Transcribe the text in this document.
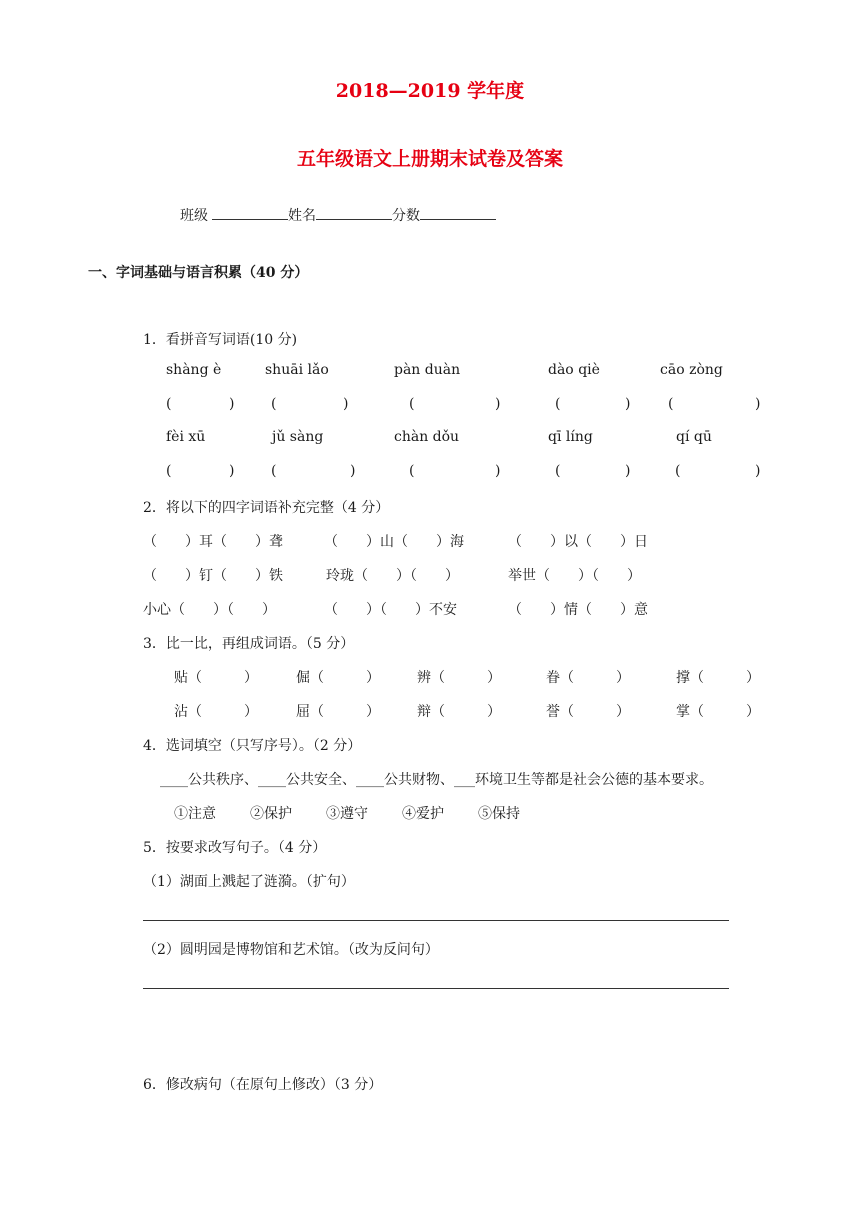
2018—2019 学年度
五年级语文上册期末试卷及答案
班级	姓名	分数
一、字词基础与语言积累（40 分）
1．看拼音写词语(10 分)
shàng è	shuāi lǎo	pàn duàn	dào qiè	cāo zòng
(	)	(	)	(	)	(	)	(	)
fèi xū	jǔ sàng	chàn dǒu	qī líng	qí qū
(	)	(	)	(	)	(	)	(	)
2．将以下的四字词语补充完整（4 分）
（　　）耳（　　）聋	（　　）山（　　）海	（　　）以（　　）日
（　　）钉（　　）铁	玲珑（　　）（　　）	举世（　　）（　　）
小心（　　）（　　）	（　　）（　　）不安	（　　）情（　　）意
3．比一比，再组成词语。（5 分）
贴（　　　）	倔（　　　）	辨（　　　）	眷（　　　）	撑（　　　）
沾（　　　）	屈（　　　）	辩（　　　）	誉（　　　）	掌（　　　）
4．选词填空（只写序号）。（2 分）
____公共秩序、____公共安全、____公共财物、___环境卫生等都是社会公德的基本要求。
①注意 ②保护 ③遵守 ④爱护 ⑤保持
5．按要求改写句子。（4 分）
（1）湖面上溅起了涟漪。（扩句）
（2）圆明园是博物馆和艺术馆。（改为反问句）
6．修改病句（在原句上修改）（3 分）
